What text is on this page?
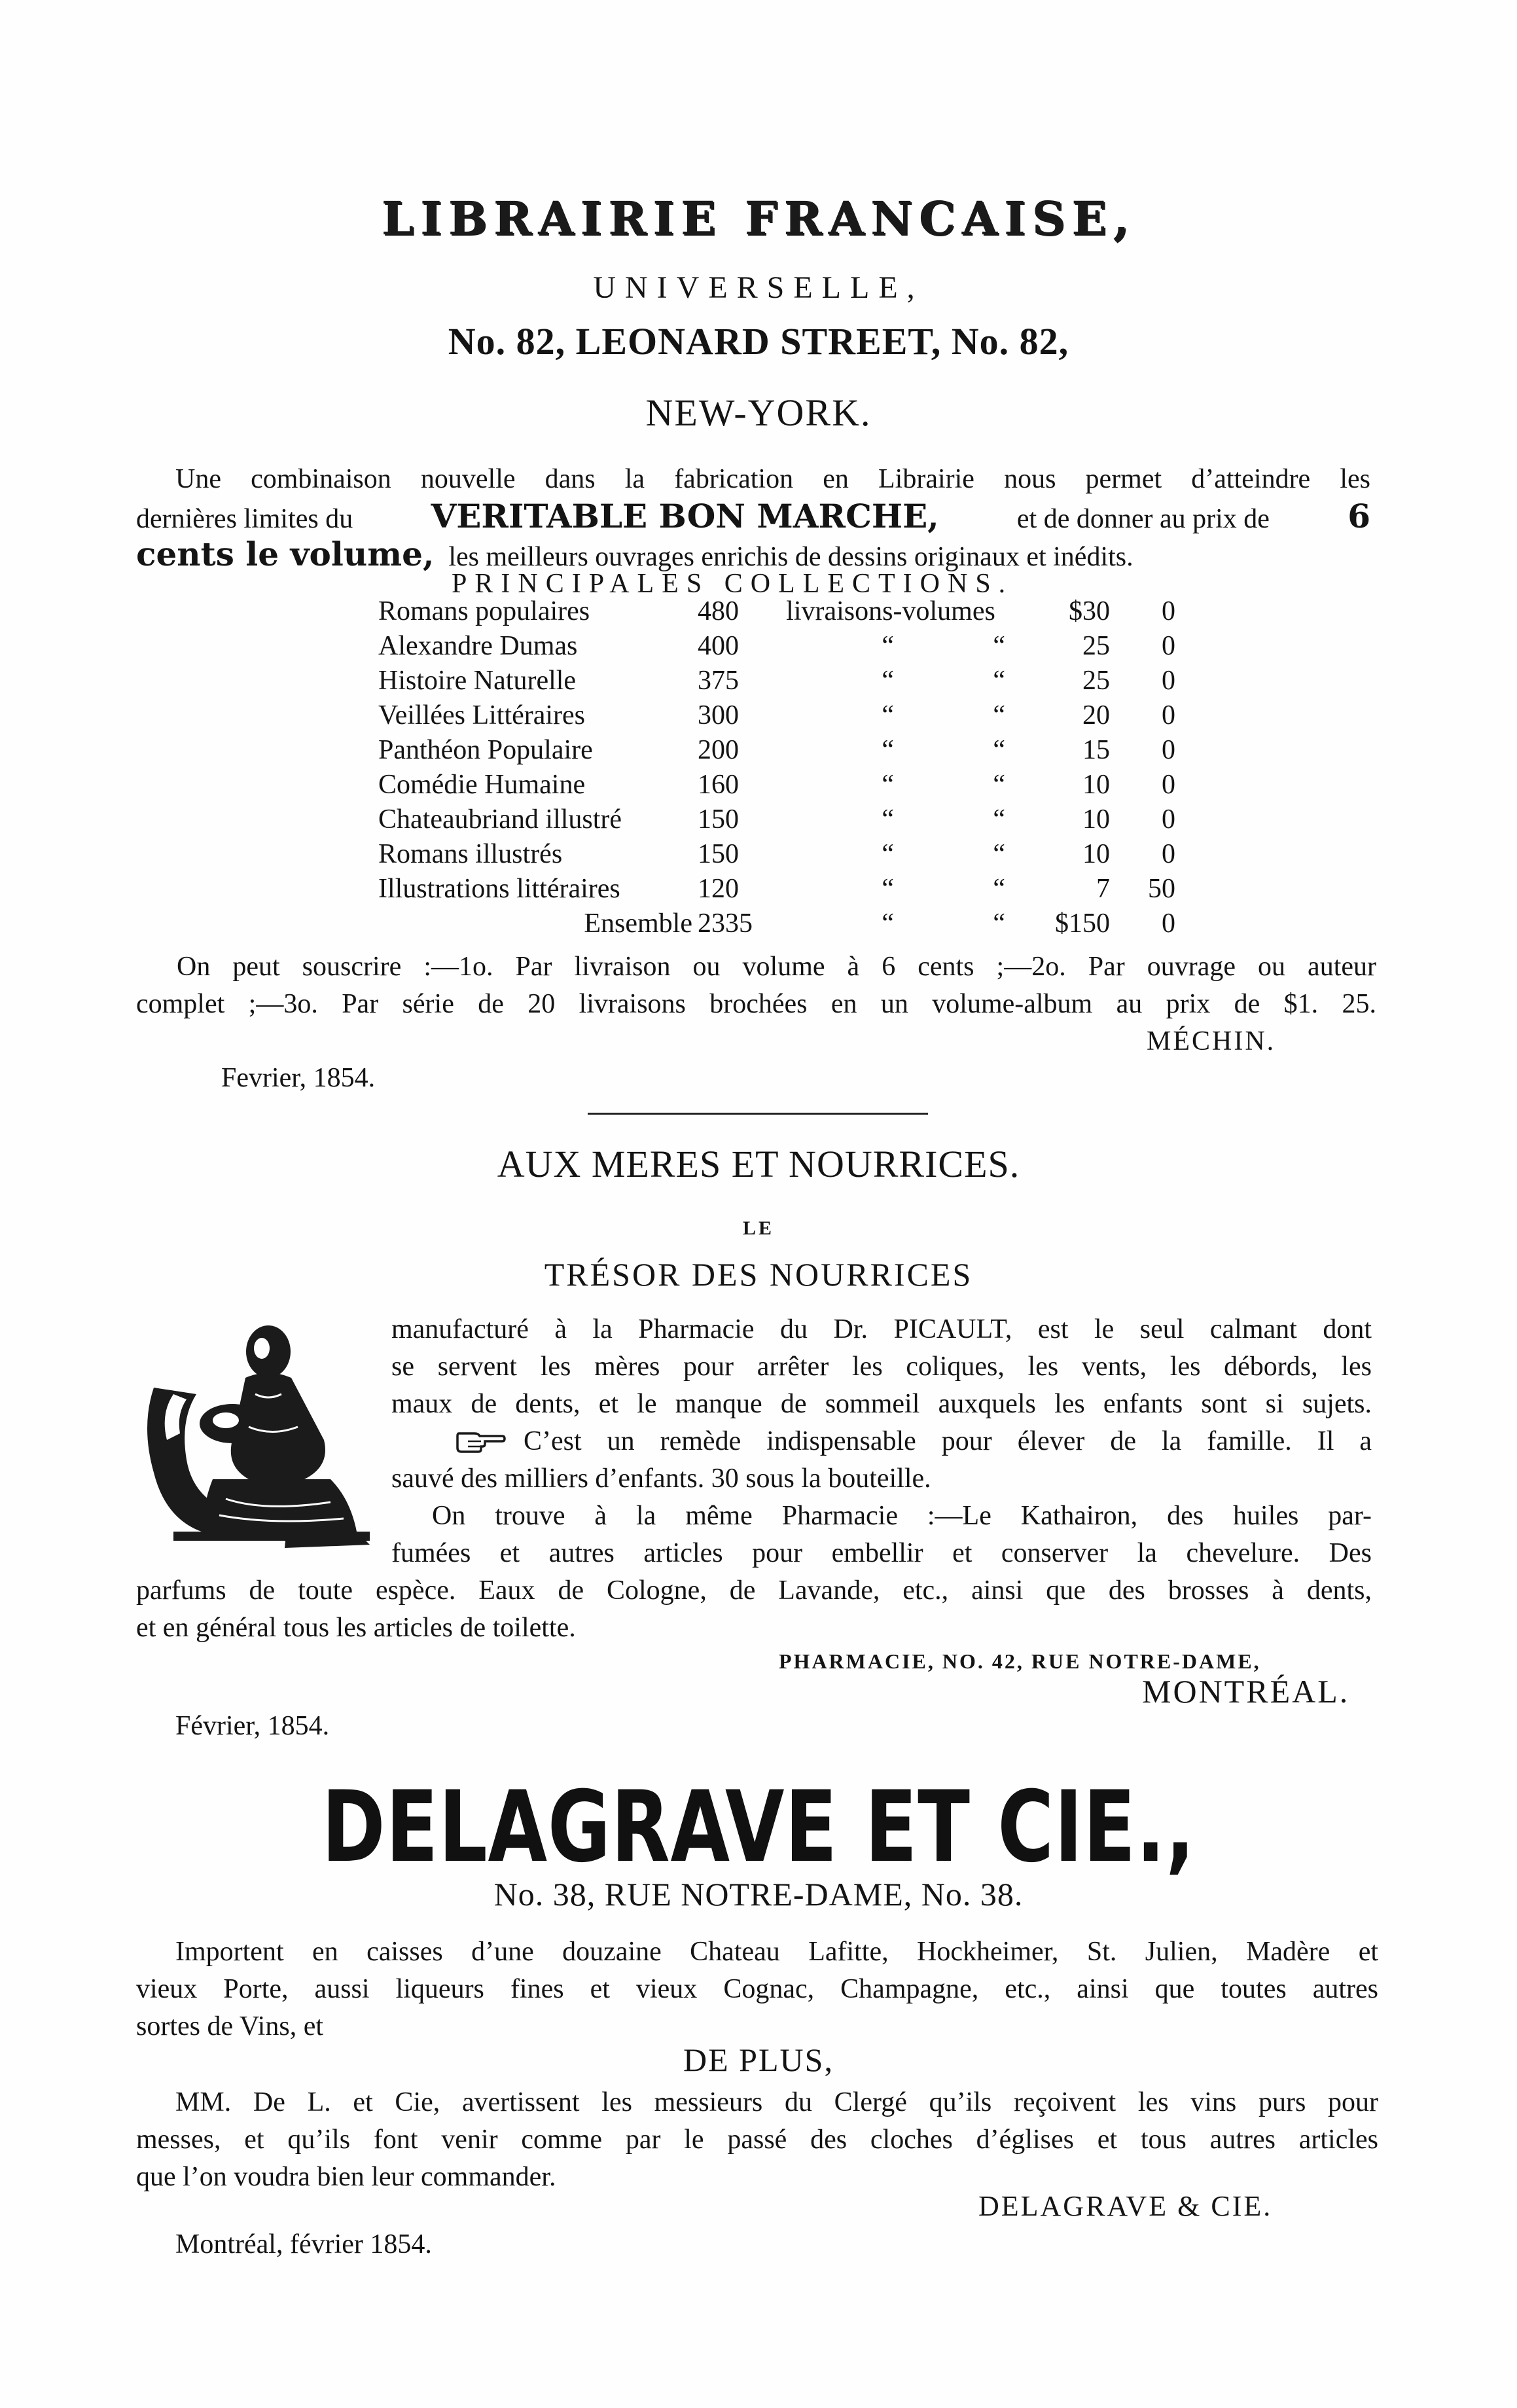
LIBRAIRIE FRANCAISE,
UNIVERSELLE,
No. 82, LEONARD STREET, No. 82,
NEW-YORK.
Une combinaison nouvelle dans la fabrication en Librairie nous permet d’atteindre les
dernières limites du VERITABLE BON MARCHE,	et de donner au prix de 6
cents le volume, les meilleurs ouvrages enrichis de dessins originaux et inédits.
PRINCIPALES COLLECTIONS.
Romans populaires	480	livraisons-volumes		$30	0
Alexandre Dumas	400	“	“	25	0
Histoire Naturelle	375	“	“	25	0
Veillées Littéraires	300	“	“	20	0
Panthéon Populaire	200	“	“	15	0
Comédie Humaine	160	“	“	10	0
Chateaubriand illustré	150	“	“	10	0
Romans illustrés	150	“	“	10	0
Illustrations littéraires	120	“	“	7	50
Ensemble	2335	“	“	$150	0
On peut souscrire :—1o. Par livraison ou volume à 6 cents ;—2o. Par ouvrage ou auteur
complet ;—3o. Par série de 20 livraisons brochées en un volume-album au prix de $1. 25.
MÉCHIN.
Fevrier, 1854.
AUX MERES ET NOURRICES.
LE
TRÉSOR DES NOURRICES
manufacturé à la Pharmacie du Dr. PICAULT, est le seul calmant dont
se servent les mères pour arrêter les coliques, les vents, les débords, les
maux de dents, et le manque de sommeil auxquels les enfants sont si sujets.
C’est un remède indispensable pour élever de la famille. Il a
sauvé des milliers d’enfants. 30 sous la bouteille.
On trouve à la même Pharmacie :—Le Kathairon, des huiles par-
fumées et autres articles pour embellir et conserver la chevelure. Des
parfums de toute espèce. Eaux de Cologne, de Lavande, etc., ainsi que des brosses à dents,
et en général tous les articles de toilette.
PHARMACIE, NO. 42, RUE NOTRE-DAME,
MONTRÉAL.
Février, 1854.
DELAGRAVE ET CIE.,
No. 38, RUE NOTRE-DAME, No. 38.
Importent en caisses d’une douzaine Chateau Lafitte, Hockheimer, St. Julien, Madère et
vieux Porte, aussi liqueurs fines et vieux Cognac, Champagne, etc., ainsi que toutes autres
sortes de Vins, et
DE PLUS,
MM. De L. et Cie, avertissent les messieurs du Clergé qu’ils reçoivent les vins purs pour
messes, et qu’ils font venir comme par le passé des cloches d’églises et tous autres articles
que l’on voudra bien leur commander.
DELAGRAVE & CIE.
Montréal, février 1854.
